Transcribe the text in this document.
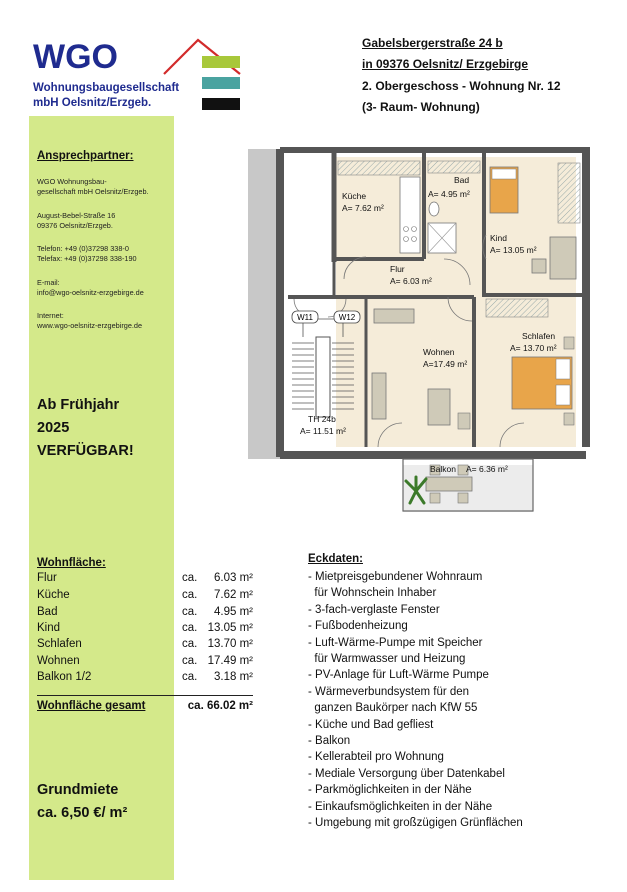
WGO
Wohnungsbaugesellschaft
mbH Oelsnitz/Erzgeb.
Gabelsbergerstraße 24 b
in 09376 Oelsnitz/ Erzgebirge
2. Obergeschoss - Wohnung Nr. 12
(3- Raum- Wohnung)
Ansprechpartner:
WGO Wohnungsbau-
gesellschaft mbH Oelsnitz/Erzgeb.
August-Bebel-Straße 16
09376 Oelsnitz/Erzgeb.
Telefon: +49 (0)37298 338-0
Telefax: +49 (0)37298 338-190
E-mail:
info@wgo-oelsnitz-erzgebirge.de
Internet:
www.wgo-oelsnitz-erzgebirge.de
Ab Frühjahr
2025
VERFÜGBAR!
W11	W12
Küche
A= 7.62 m²
Bad
A= 4.95 m²
Kind
A= 13.05 m²
Flur
A= 6.03 m²
Wohnen
A=17.49 m²
Schlafen
A= 13.70 m²
TH 24b
A= 11.51 m²
Balkon A= 6.36 m²
Wohnfläche:
Flur	ca. 6.03 m²
Küche	ca. 7.62 m²
Bad	ca. 4.95 m²
Kind	ca. 13.05 m²
Schlafen	ca. 13.70 m²
Wohnen	ca. 17.49 m²
Balkon 1/2	ca. 3.18 m²
Wohnfläche gesamt	ca. 66.02 m²
Grundmiete
ca. 6,50 €/ m²
Eckdaten:
- Mietpreisgebundener Wohnraum
für Wohnschein Inhaber
- 3-fach-verglaste Fenster
- Fußbodenheizung
- Luft-Wärme-Pumpe mit Speicher
für Warmwasser und Heizung
- PV-Anlage für Luft-Wärme Pumpe
- Wärmeverbundsystem für den
ganzen Baukörper nach KfW 55
- Küche und Bad gefliest
- Balkon
- Kellerabteil pro Wohnung
- Mediale Versorgung über Datenkabel
- Parkmöglichkeiten in der Nähe
- Einkaufsmöglichkeiten in der Nähe
- Umgebung mit großzügigen Grünflächen
